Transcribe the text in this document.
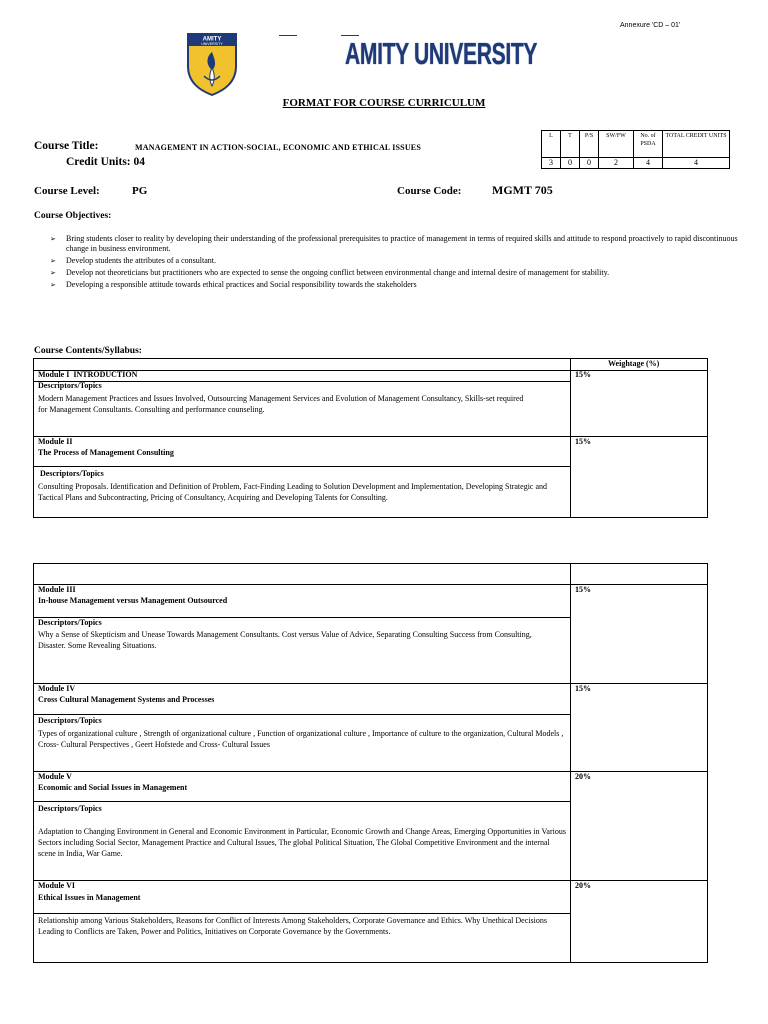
Annexure 'CD – 01'
AMITY
UNIVERSITY	AMITY UNIVERSITY
FORMAT FOR COURSE CURRICULUM
Course Title:	MANAGEMENT IN ACTION-SOCIAL, ECONOMIC AND ETHICAL ISSUES
Credit Units: 04
L	T	P/S	SW/FW	No. of PSDA	TOTAL CREDIT UNITS
3	0	0	2	4	4
Course Level:	PG	Course Code:	MGMT 705
Course Objectives:
➢ Bring students closer to reality by developing their understanding of the professional prerequisites to practice of management in terms of required skills and attitude to respond proactively to rapid discontinuous change in business environment.
➢ Develop students the attributes of a consultant.
➢ Develop not theoreticians but practitioners who are expected to sense the ongoing conflict between environmental change and internal desire of management for stability.
➢ Developing a responsible attitude towards ethical practices and Social responsibility towards the stakeholders
Course Contents/Syllabus:
Weightage (%)
Module I INTRODUCTION	15%
Descriptors/Topics
Modern Management Practices and Issues Involved, Outsourcing Management Services and Evolution of Management Consultancy, Skills-set required for Management Consultants. Consulting and performance counseling.
Module II
The Process of Management Consulting
15%
Descriptors/Topics
Consulting Proposals. Identification and Definition of Problem, Fact-Finding Leading to Solution Development and Implementation, Developing Strategic and Tactical Plans and Subcontracting, Pricing of Consultancy, Acquiring and Developing Talents for Consulting.
Module III
In-house Management versus Management Outsourced
15%
Descriptors/Topics
Why a Sense of Skepticism and Unease Towards Management Consultants. Cost versus Value of Advice, Separating Consulting Success from Consulting, Disaster. Some Revealing Situations.
Module IV
Cross Cultural Management Systems and Processes
15%
Descriptors/Topics
Types of organizational culture , Strength of organizational culture , Function of organizational culture , Importance of culture to the organization, Cultural Models , Cross- Cultural Perspectives , Geert Hofstede and Cross- Cultural Issues
Module V
Economic and Social Issues in Management
20%
Descriptors/Topics
Adaptation to Changing Environment in General and Economic Environment in Particular, Economic Growth and Change Areas, Emerging Opportunities in Various Sectors including Social Sector, Management Practice and Cultural Issues, The global Political Situation, The Global Competitive Environment and the internal scene in India, War Game.
Module VI
Ethical Issues in Management
20%
Relationship among Various Stakeholders, Reasons for Conflict of Interests Among Stakeholders, Corporate Governance and Ethics. Why Unethical Decisions Leading to Conflicts are Taken, Power and Politics, Initiatives on Corporate Governance by the Governments.
